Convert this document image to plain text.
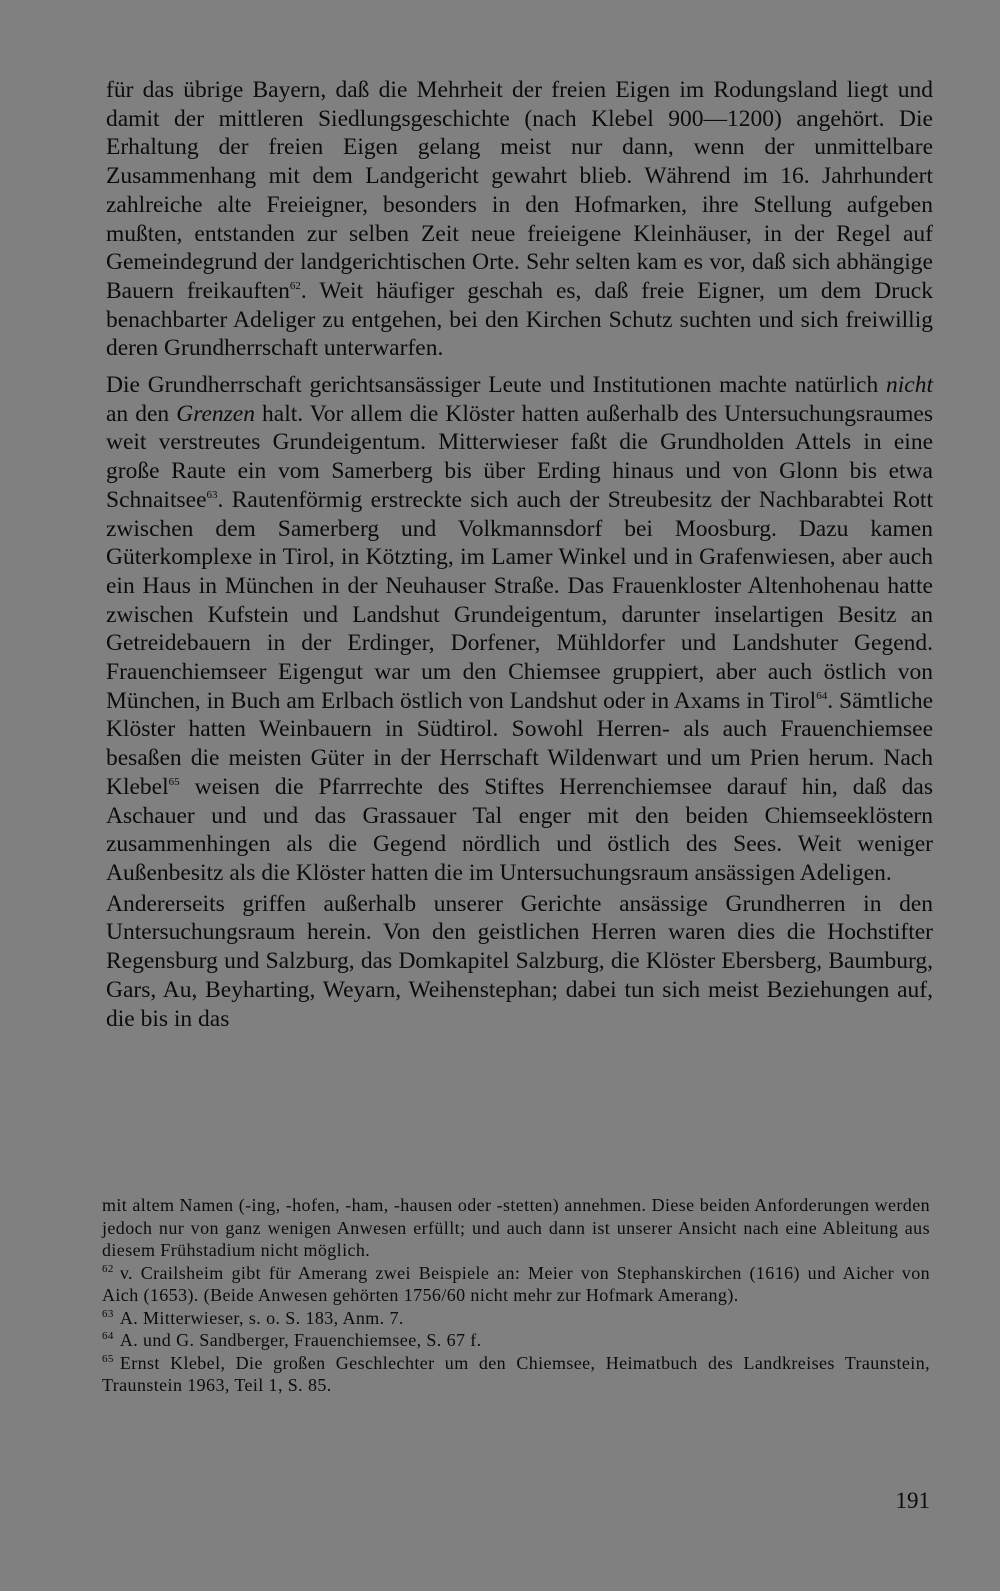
für das übrige Bayern, daß die Mehrheit der freien Eigen im Rodungsland liegt und damit der mittleren Siedlungsgeschichte (nach Klebel 900—1200) angehört. Die Erhaltung der freien Eigen gelang meist nur dann, wenn der unmittelbare Zusammenhang mit dem Landgericht gewahrt blieb. Während im 16. Jahrhundert zahlreiche alte Freieigner, besonders in den Hofmarken, ihre Stellung aufgeben mußten, entstanden zur selben Zeit neue freieigene Kleinhäuser, in der Regel auf Gemeindegrund der landgerichtischen Orte. Sehr selten kam es vor, daß sich abhängige Bauern freikauften$^{62}$. Weit häufiger geschah es, daß freie Eigner, um dem Druck benachbarter Adeliger zu entgehen, bei den Kirchen Schutz suchten und sich freiwillig deren Grundherrschaft unterwarfen.

Die Grundherrschaft gerichtsansässiger Leute und Institutionen machte natürlich nicht an den Grenzen halt. Vor allem die Klöster hatten außerhalb des Untersuchungsraumes weit verstreutes Grundeigentum. Mitterwieser faßt die Grundholden Attels in eine große Raute ein vom Samerberg bis über Erding hinaus und von Glonn bis etwa Schnaitsee$^{63}$. Rautenförmig erstreckte sich auch der Streubesitz der Nachbarabtei Rott zwischen dem Samerberg und Volkmannsdorf bei Moosburg. Dazu kamen Güterkomplexe in Tirol, in Kötzting, im Lamer Winkel und in Grafenwiesen, aber auch ein Haus in München in der Neuhauser Straße. Das Frauenkloster Altenhohenau hatte zwischen Kufstein und Landshut Grundeigentum, darunter inselartigen Besitz an Getreidebauern in der Erdinger, Dorfener, Mühldorfer und Landshuter Gegend. Frauenchiemseer Eigengut war um den Chiemsee gruppiert, aber auch östlich von München, in Buch am Erlbach östlich von Landshut oder in Axams in Tirol$^{64}$. Sämtliche Klöster hatten Weinbauern in Südtirol. Sowohl Herren- als auch Frauenchiemsee besaßen die meisten Güter in der Herrschaft Wildenwart und um Prien herum. Nach Klebel$^{65}$ weisen die Pfarrrechte des Stiftes Herrenchiemsee darauf hin, daß das Aschauer und und das Grassauer Tal enger mit den beiden Chiemseeklöstern zusammenhingen als die Gegend nördlich und östlich des Sees. Weit weniger Außenbesitz als die Klöster hatten die im Untersuchungsraum ansässigen Adeligen.

Andererseits griffen außerhalb unserer Gerichte ansässige Grundherren in den Untersuchungsraum herein. Von den geistlichen Herren waren dies die Hochstifter Regensburg und Salzburg, das Domkapitel Salzburg, die Klöster Ebersberg, Baumburg, Gars, Au, Beyharting, Weyarn, Weihenstephan; dabei tun sich meist Beziehungen auf, die bis in das

mit altem Namen (-ing, -hofen, -ham, -hausen oder -stetten) annehmen. Diese beiden Anforderungen werden jedoch nur von ganz wenigen Anwesen erfüllt; und auch dann ist unserer Ansicht nach eine Ableitung aus diesem Frühstadium nicht möglich.

$^{62}$ v. Crailsheim gibt für Amerang zwei Beispiele an: Meier von Stephanskirchen (1616) und Aicher von Aich (1653). (Beide Anwesen gehörten 1756/60 nicht mehr zur Hofmark Amerang).

$^{63}$ A. Mitterwieser, s. o. S. 183, Anm. 7.

$^{64}$ A. und G. Sandberger, Frauenchiemsee, S. 67 f.

$^{65}$ Ernst Klebel, Die großen Geschlechter um den Chiemsee, Heimatbuch des Landkreises Traunstein, Traunstein 1963, Teil 1, S. 85.

191
